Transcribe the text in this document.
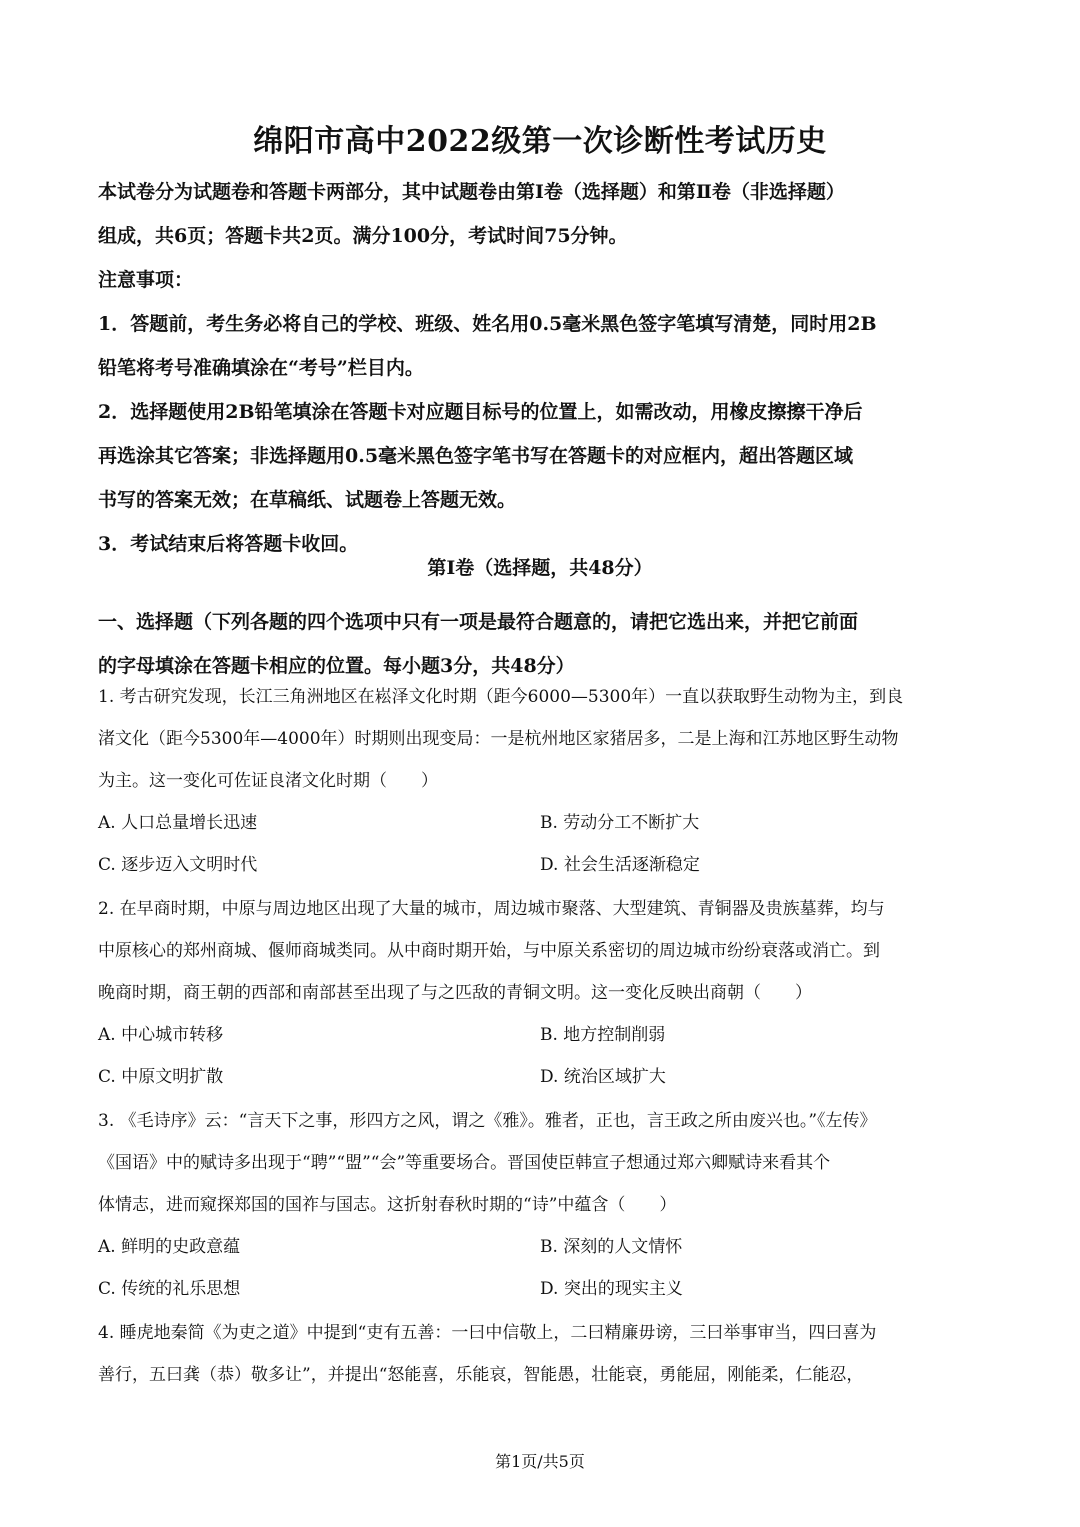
绵阳市高中2022级第一次诊断性考试历史
本试卷分为试题卷和答题卡两部分，其中试题卷由第Ⅰ卷（选择题）和第Ⅱ卷（非选择题）
组成，共6页；答题卡共2页。满分100分，考试时间75分钟。
注意事项：
1．答题前，考生务必将自己的学校、班级、姓名用0.5毫米黑色签字笔填写清楚，同时用2B
铅笔将考号准确填涂在“考号”栏目内。
2．选择题使用2B铅笔填涂在答题卡对应题目标号的位置上，如需改动，用橡皮擦擦干净后
再选涂其它答案；非选择题用0.5毫米黑色签字笔书写在答题卡的对应框内，超出答题区域
书写的答案无效；在草稿纸、试题卷上答题无效。
3．考试结束后将答题卡收回。
第Ⅰ卷（选择题，共48分）
一、选择题（下列各题的四个选项中只有一项是最符合题意的，请把它选出来，并把它前面
的字母填涂在答题卡相应的位置。每小题3分，共48分）
1. 考古研究发现，长江三角洲地区在崧泽文化时期（距今6000—5300年）一直以获取野生动物为主，到良
渚文化（距今5300年—4000年）时期则出现变局：一是杭州地区家猪居多，二是上海和江苏地区野生动物
为主。这一变化可佐证良渚文化时期（　　）
A. 人口总量增长迅速	B. 劳动分工不断扩大
C. 逐步迈入文明时代	D. 社会生活逐渐稳定
2. 在早商时期，中原与周边地区出现了大量的城市，周边城市聚落、大型建筑、青铜器及贵族墓葬，均与
中原核心的郑州商城、偃师商城类同。从中商时期开始，与中原关系密切的周边城市纷纷衰落或消亡。到
晚商时期，商王朝的西部和南部甚至出现了与之匹敌的青铜文明。这一变化反映出商朝（　　）
A. 中心城市转移	B. 地方控制削弱
C. 中原文明扩散	D. 统治区域扩大
3. 《毛诗序》云：“言天下之事，形四方之风，谓之《雅》。雅者，正也，言王政之所由废兴也。”《左传》
《国语》中的赋诗多出现于“聘”“盟”“会”等重要场合。晋国使臣韩宣子想通过郑六卿赋诗来看其个
体情志，进而窥探郑国的国祚与国志。这折射春秋时期的“诗”中蕴含（　　）
A. 鲜明的史政意蕴	B. 深刻的人文情怀
C. 传统的礼乐思想	D. 突出的现实主义
4. 睡虎地秦简《为吏之道》中提到“吏有五善：一曰中信敬上，二曰精廉毋谤，三曰举事审当，四曰喜为
善行，五曰龚（恭）敬多让”，并提出“怒能喜，乐能哀，智能愚，壮能衰，勇能屈，刚能柔，仁能忍，
第1页/共5页
